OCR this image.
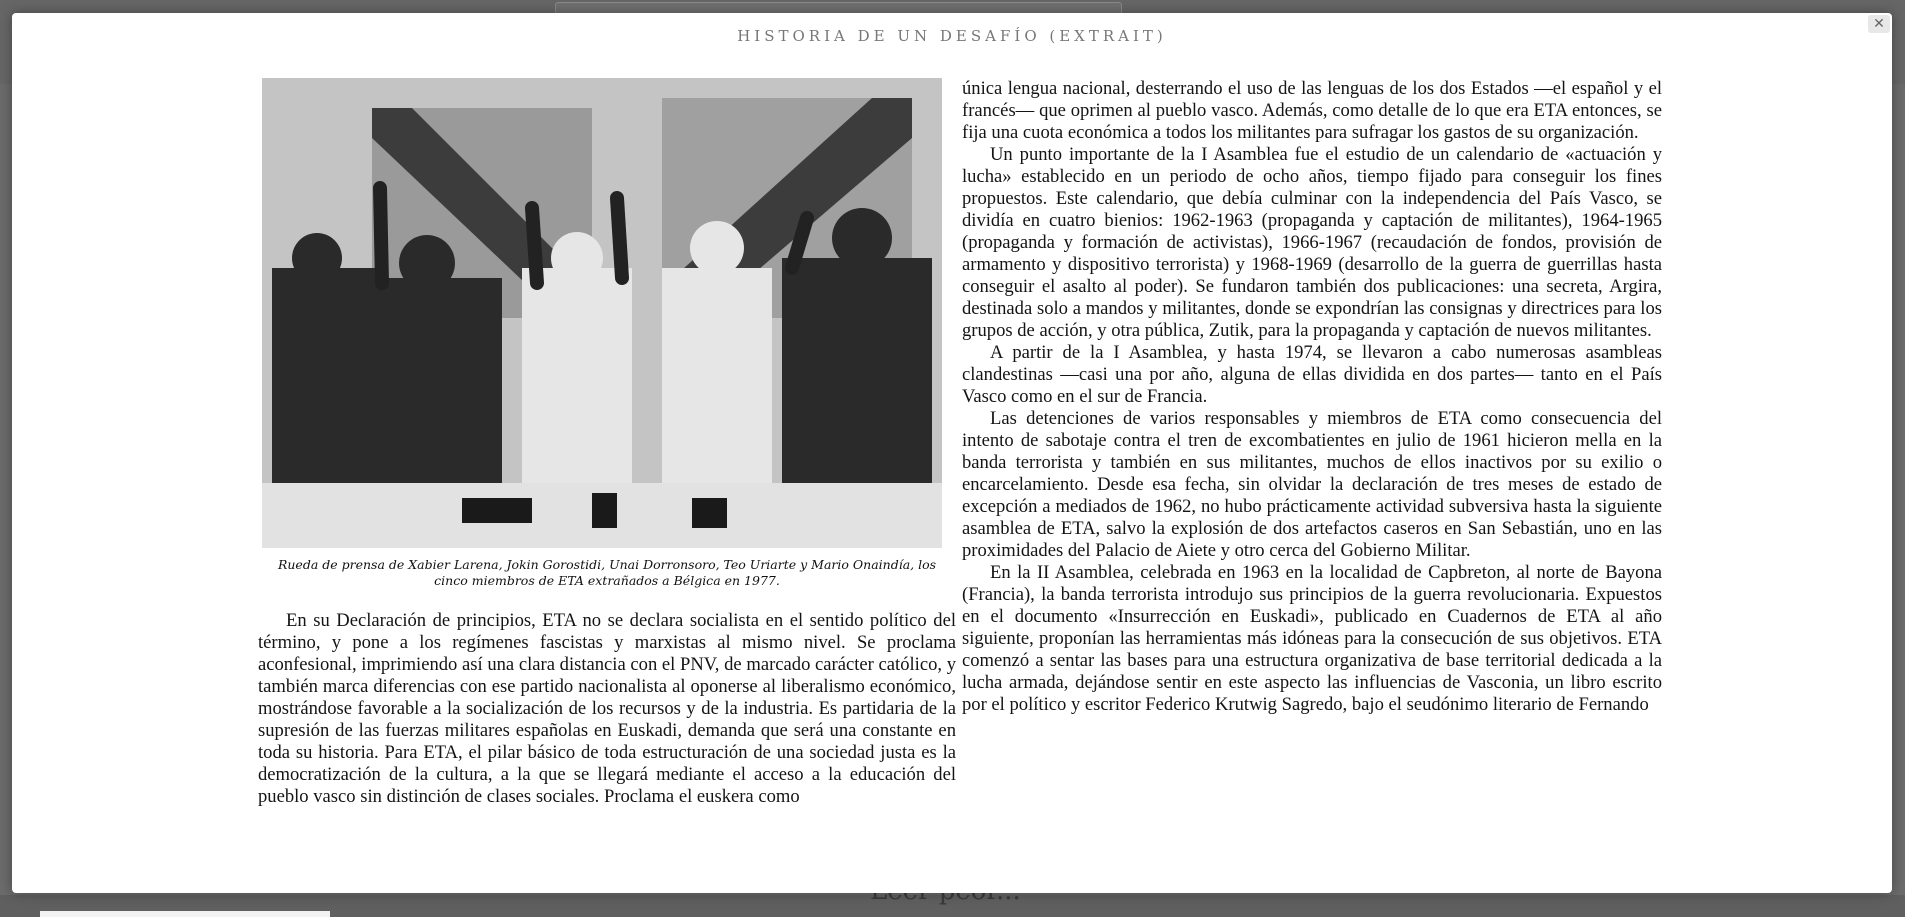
HISTORIA DE UN DESAFÍO (EXTRAIT)
✕
Rueda de prensa de Xabier Larena, Jokin Gorostidi, Unai Dorronsoro, Teo Uriarte y Mario Onaindía, los cinco miembros de ETA extrañados a Bélgica en 1977.

En su Declaración de principios, ETA no se declara socialista en el sentido político del término, y pone a los regímenes fascistas y marxistas al mismo nivel. Se proclama aconfesional, imprimiendo así una clara distancia con el PNV, de marcado carácter católico, y también marca diferencias con ese partido nacionalista al oponerse al liberalismo económico, mostrándose favorable a la socialización de los recursos y de la industria. Es partidaria de la supresión de las fuerzas militares españolas en Euskadi, demanda que será una constante en toda su historia. Para ETA, el pilar básico de toda estructuración de una sociedad justa es la democratización de la cultura, a la que se llegará mediante el acceso a la educación del pueblo vasco sin distinción de clases sociales. Proclama el euskera como

única lengua nacional, desterrando el uso de las lenguas de los dos Estados —el español y el francés— que oprimen al pueblo vasco. Además, como detalle de lo que era ETA entonces, se fija una cuota económica a todos los militantes para sufragar los gastos de su organización.

Un punto importante de la I Asamblea fue el estudio de un calendario de «actuación y lucha» establecido en un periodo de ocho años, tiempo fijado para conseguir los fines propuestos. Este calendario, que debía culminar con la independencia del País Vasco, se dividía en cuatro bienios: 1962-1963 (propaganda y captación de militantes), 1964-1965 (propaganda y formación de activistas), 1966-1967 (recaudación de fondos, provisión de armamento y dispositivo terrorista) y 1968-1969 (desarrollo de la guerra de guerrillas hasta conseguir el asalto al poder). Se fundaron también dos publicaciones: una secreta, Argira, destinada solo a mandos y militantes, donde se expondrían las consignas y directrices para los grupos de acción, y otra pública, Zutik, para la propaganda y captación de nuevos militantes.

A partir de la I Asamblea, y hasta 1974, se llevaron a cabo numerosas asambleas clandestinas —casi una por año, alguna de ellas dividida en dos partes— tanto en el País Vasco como en el sur de Francia.

Las detenciones de varios responsables y miembros de ETA como consecuencia del intento de sabotaje contra el tren de excombatientes en julio de 1961 hicieron mella en la banda terrorista y también en sus militantes, muchos de ellos inactivos por su exilio o encarcelamiento. Desde esa fecha, sin olvidar la declaración de tres meses de estado de excepción a mediados de 1962, no hubo prácticamente actividad subversiva hasta la siguiente asamblea de ETA, salvo la explosión de dos artefactos caseros en San Sebastián, uno en las proximidades del Palacio de Aiete y otro cerca del Gobierno Militar.

En la II Asamblea, celebrada en 1963 en la localidad de Capbreton, al norte de Bayona (Francia), la banda terrorista introdujo sus principios de la guerra revolucionaria. Expuestos en el documento «Insurrección en Euskadi», publicado en Cuadernos de ETA al año siguiente, proponían las herramientas más idóneas para la consecución de sus objetivos. ETA comenzó a sentar las bases para una estructura organizativa de base territorial dedicada a la lucha armada, dejándose sentir en este aspecto las influencias de Vasconia, un libro escrito por el político y escritor Federico Krutwig Sagredo, bajo el seudónimo literario de Fernando
